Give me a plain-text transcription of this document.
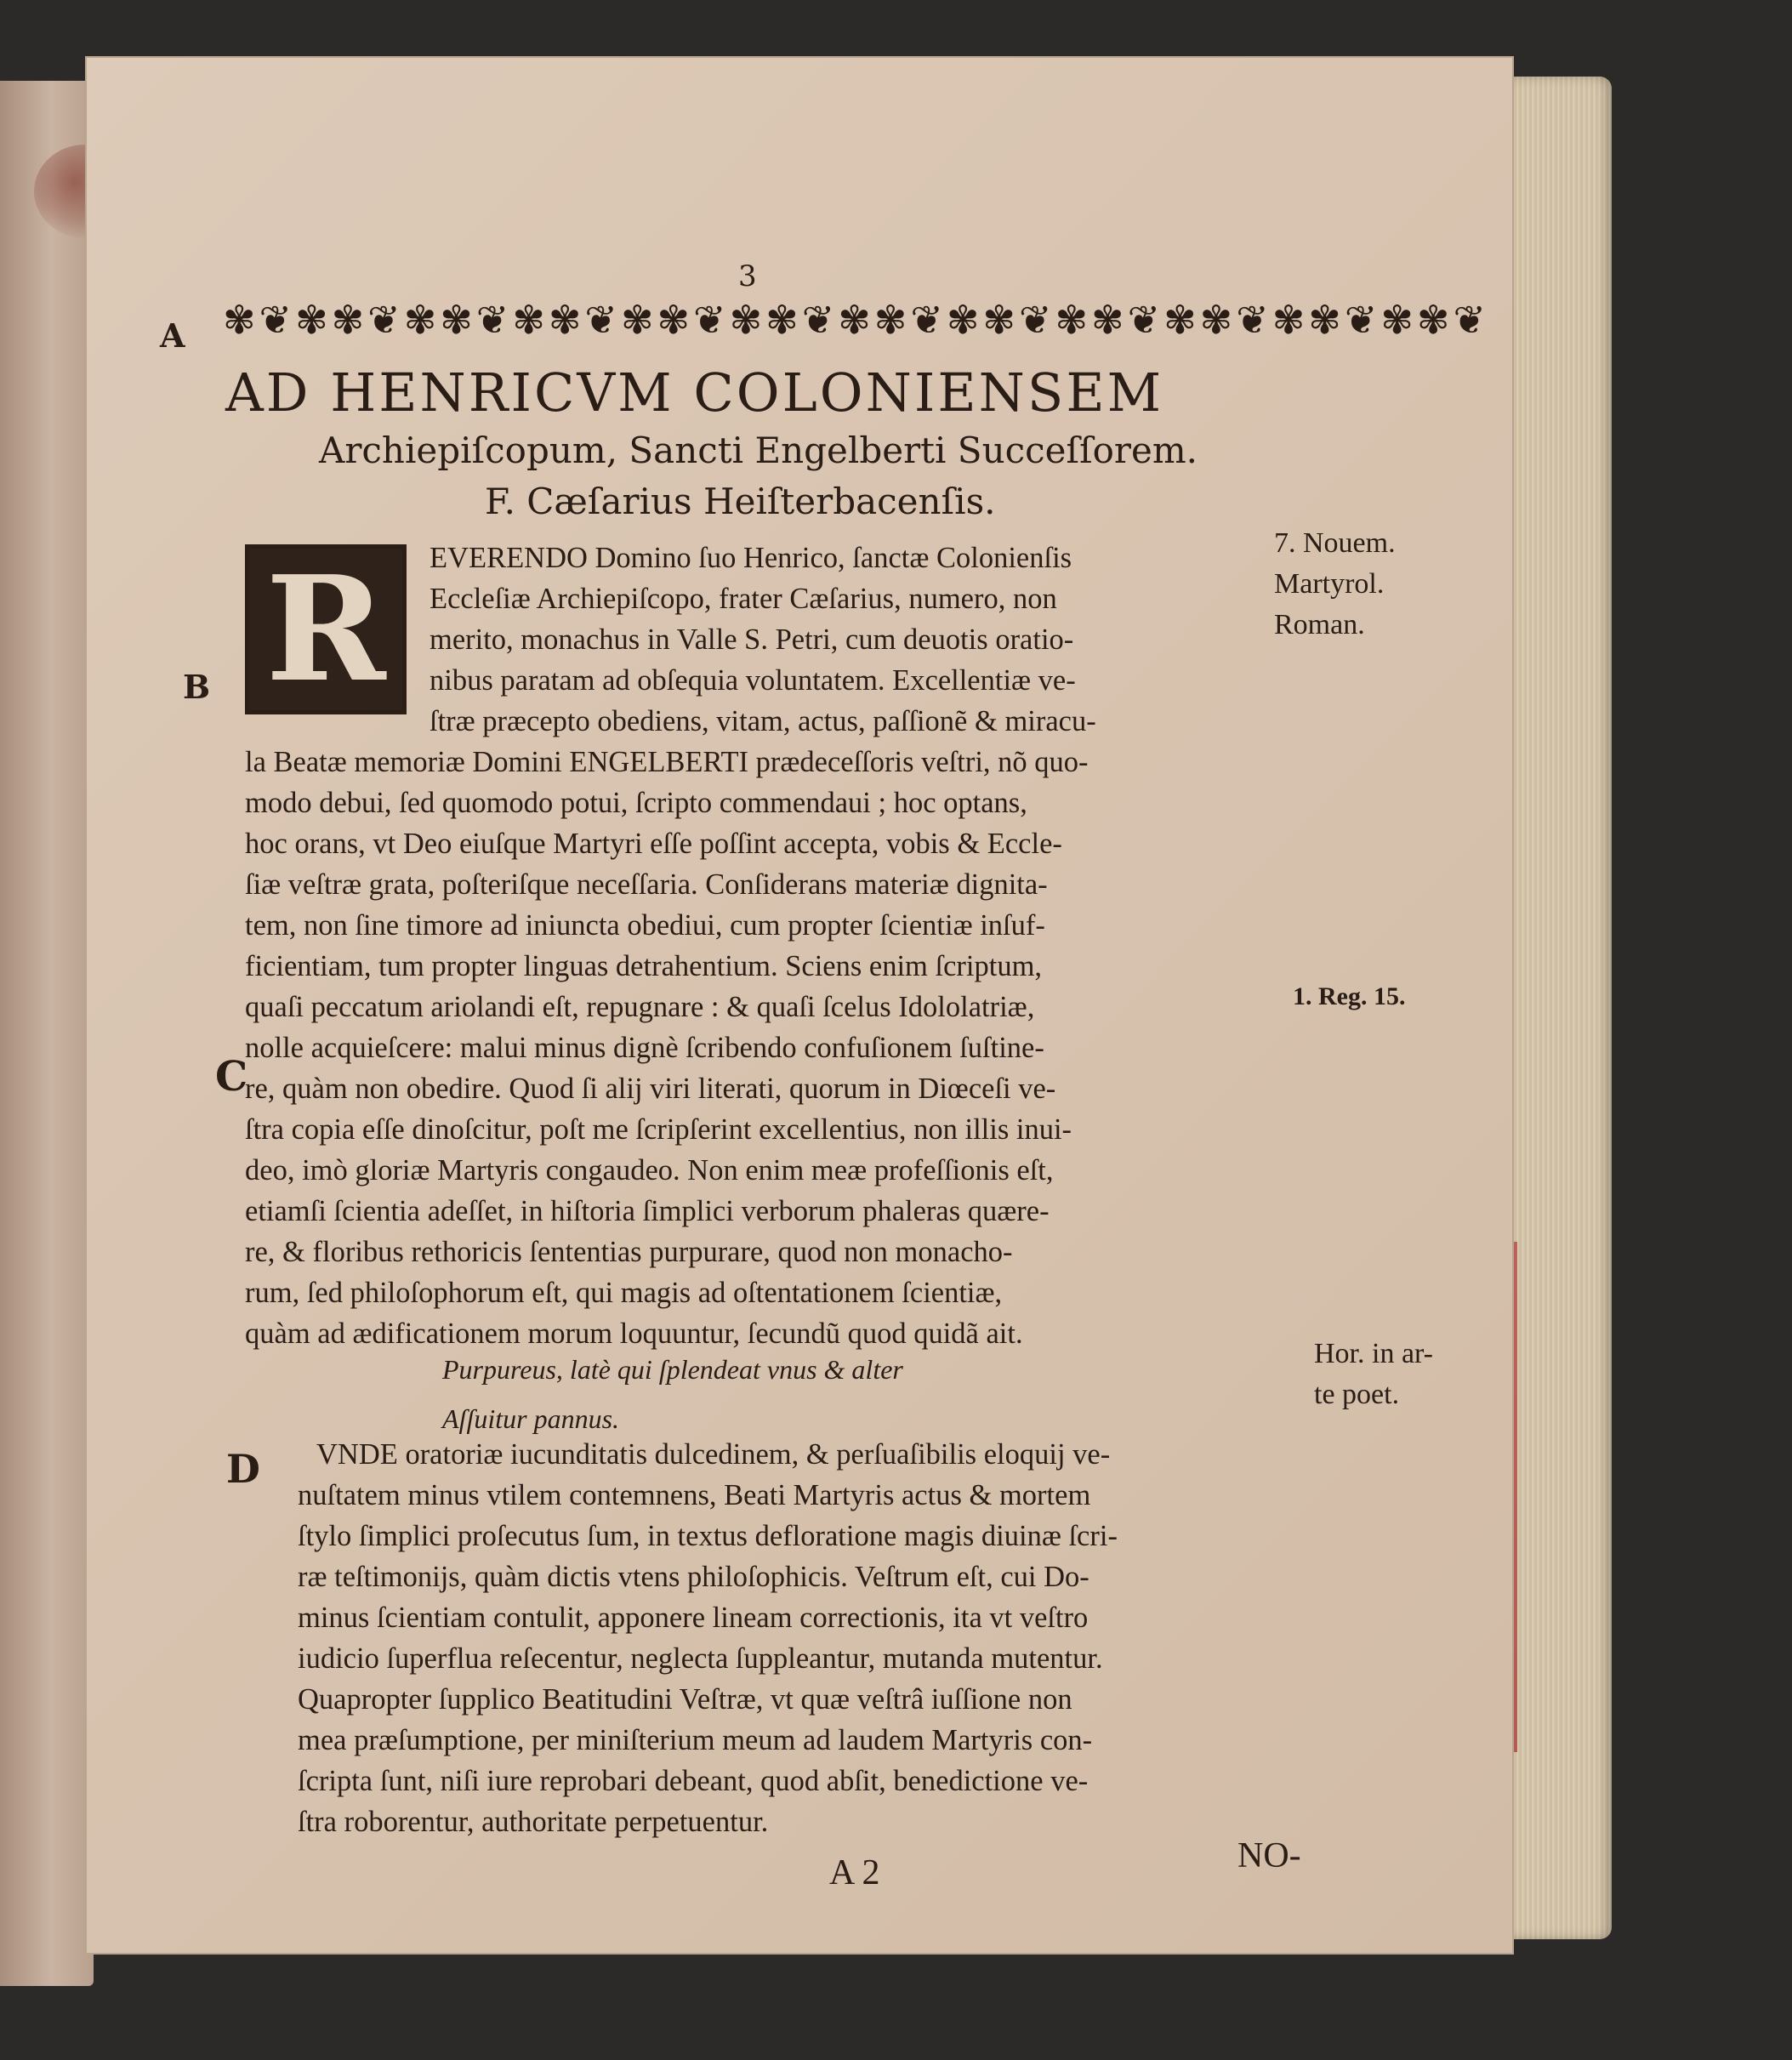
3
A
B
C
D
✾❦✾✾❦✾✾❦✾✾❦✾✾❦✾✾❦✾✾❦✾✾❦✾✾❦✾✾❦✾✾❦✾✾❦
AD HENRICVM COLONIENSEM
Archiepiſcopum, Sancti Engelberti Succeſſorem.
F. Cæſarius Heiſterbacenſis.
R	EVERENDO Domino ſuo Henrico, ſanctæ Colonienſis
Eccleſiæ Archiepiſcopo, frater Cæſarius, numero, non
merito, monachus in Valle S. Petri, cum deuotis oratio-
nibus paratam ad obſequia voluntatem. Excellentiæ ve-
ſtræ præcepto obediens, vitam, actus, paſſionẽ & miracu-
la Beatæ memoriæ Domini ENGELBERTI prædeceſſoris veſtri, nõ quo-
modo debui, ſed quomodo potui, ſcripto commendaui ; hoc optans,
hoc orans, vt Deo eiuſque Martyri eſſe poſſint accepta, vobis & Eccle-
ſiæ veſtræ grata, poſteriſque neceſſaria. Conſiderans materiæ dignita-
tem, non ſine timore ad iniuncta obediui, cum propter ſcientiæ inſuf-
ficientiam, tum propter linguas detrahentium. Sciens enim ſcriptum,
quaſi peccatum ariolandi eſt, repugnare : & quaſi ſcelus Idololatriæ,
nolle acquieſcere: malui minus dignè ſcribendo confuſionem ſuſtine-
re, quàm non obedire. Quod ſi alij viri literati, quorum in Diœceſi ve-
ſtra copia eſſe dinoſcitur, poſt me ſcripſerint excellentius, non illis inui-
deo, imò gloriæ Martyris congaudeo. Non enim meæ profeſſionis eſt,
etiamſi ſcientia adeſſet, in hiſtoria ſimplici verborum phaleras quære-
re, & floribus rethoricis ſententias purpurare, quod non monacho-
rum, ſed philoſophorum eſt, qui magis ad oſtentationem ſcientiæ,
quàm ad ædificationem morum loquuntur, ſecundũ quod quidã ait.
Purpureus, latè qui ſplendeat vnus & alter
Aſſuitur pannus.
VNDE oratoriæ iucunditatis dulcedinem, & perſuaſibilis eloquij ve-
nuſtatem minus vtilem contemnens, Beati Martyris actus & mortem
ſtylo ſimplici proſecutus ſum, in textus defloratione magis diuinæ ſcri-
ræ teſtimonijs, quàm dictis vtens philoſophicis. Veſtrum eſt, cui Do-
minus ſcientiam contulit, apponere lineam correctionis, ita vt veſtro
iudicio ſuperflua reſecentur, neglecta ſuppleantur, mutanda mutentur.
Quapropter ſupplico Beatitudini Veſtræ, vt quæ veſtrâ iuſſione non
mea præſumptione, per miniſterium meum ad laudem Martyris con-
ſcripta ſunt, niſi iure reprobari debeant, quod abſit, benedictione ve-
ſtra roborentur, authoritate perpetuentur.
7. Nouem.
Martyrol.
Roman.
1. Reg. 15.
Hor. in ar-
te poet.
A 2	NO-
